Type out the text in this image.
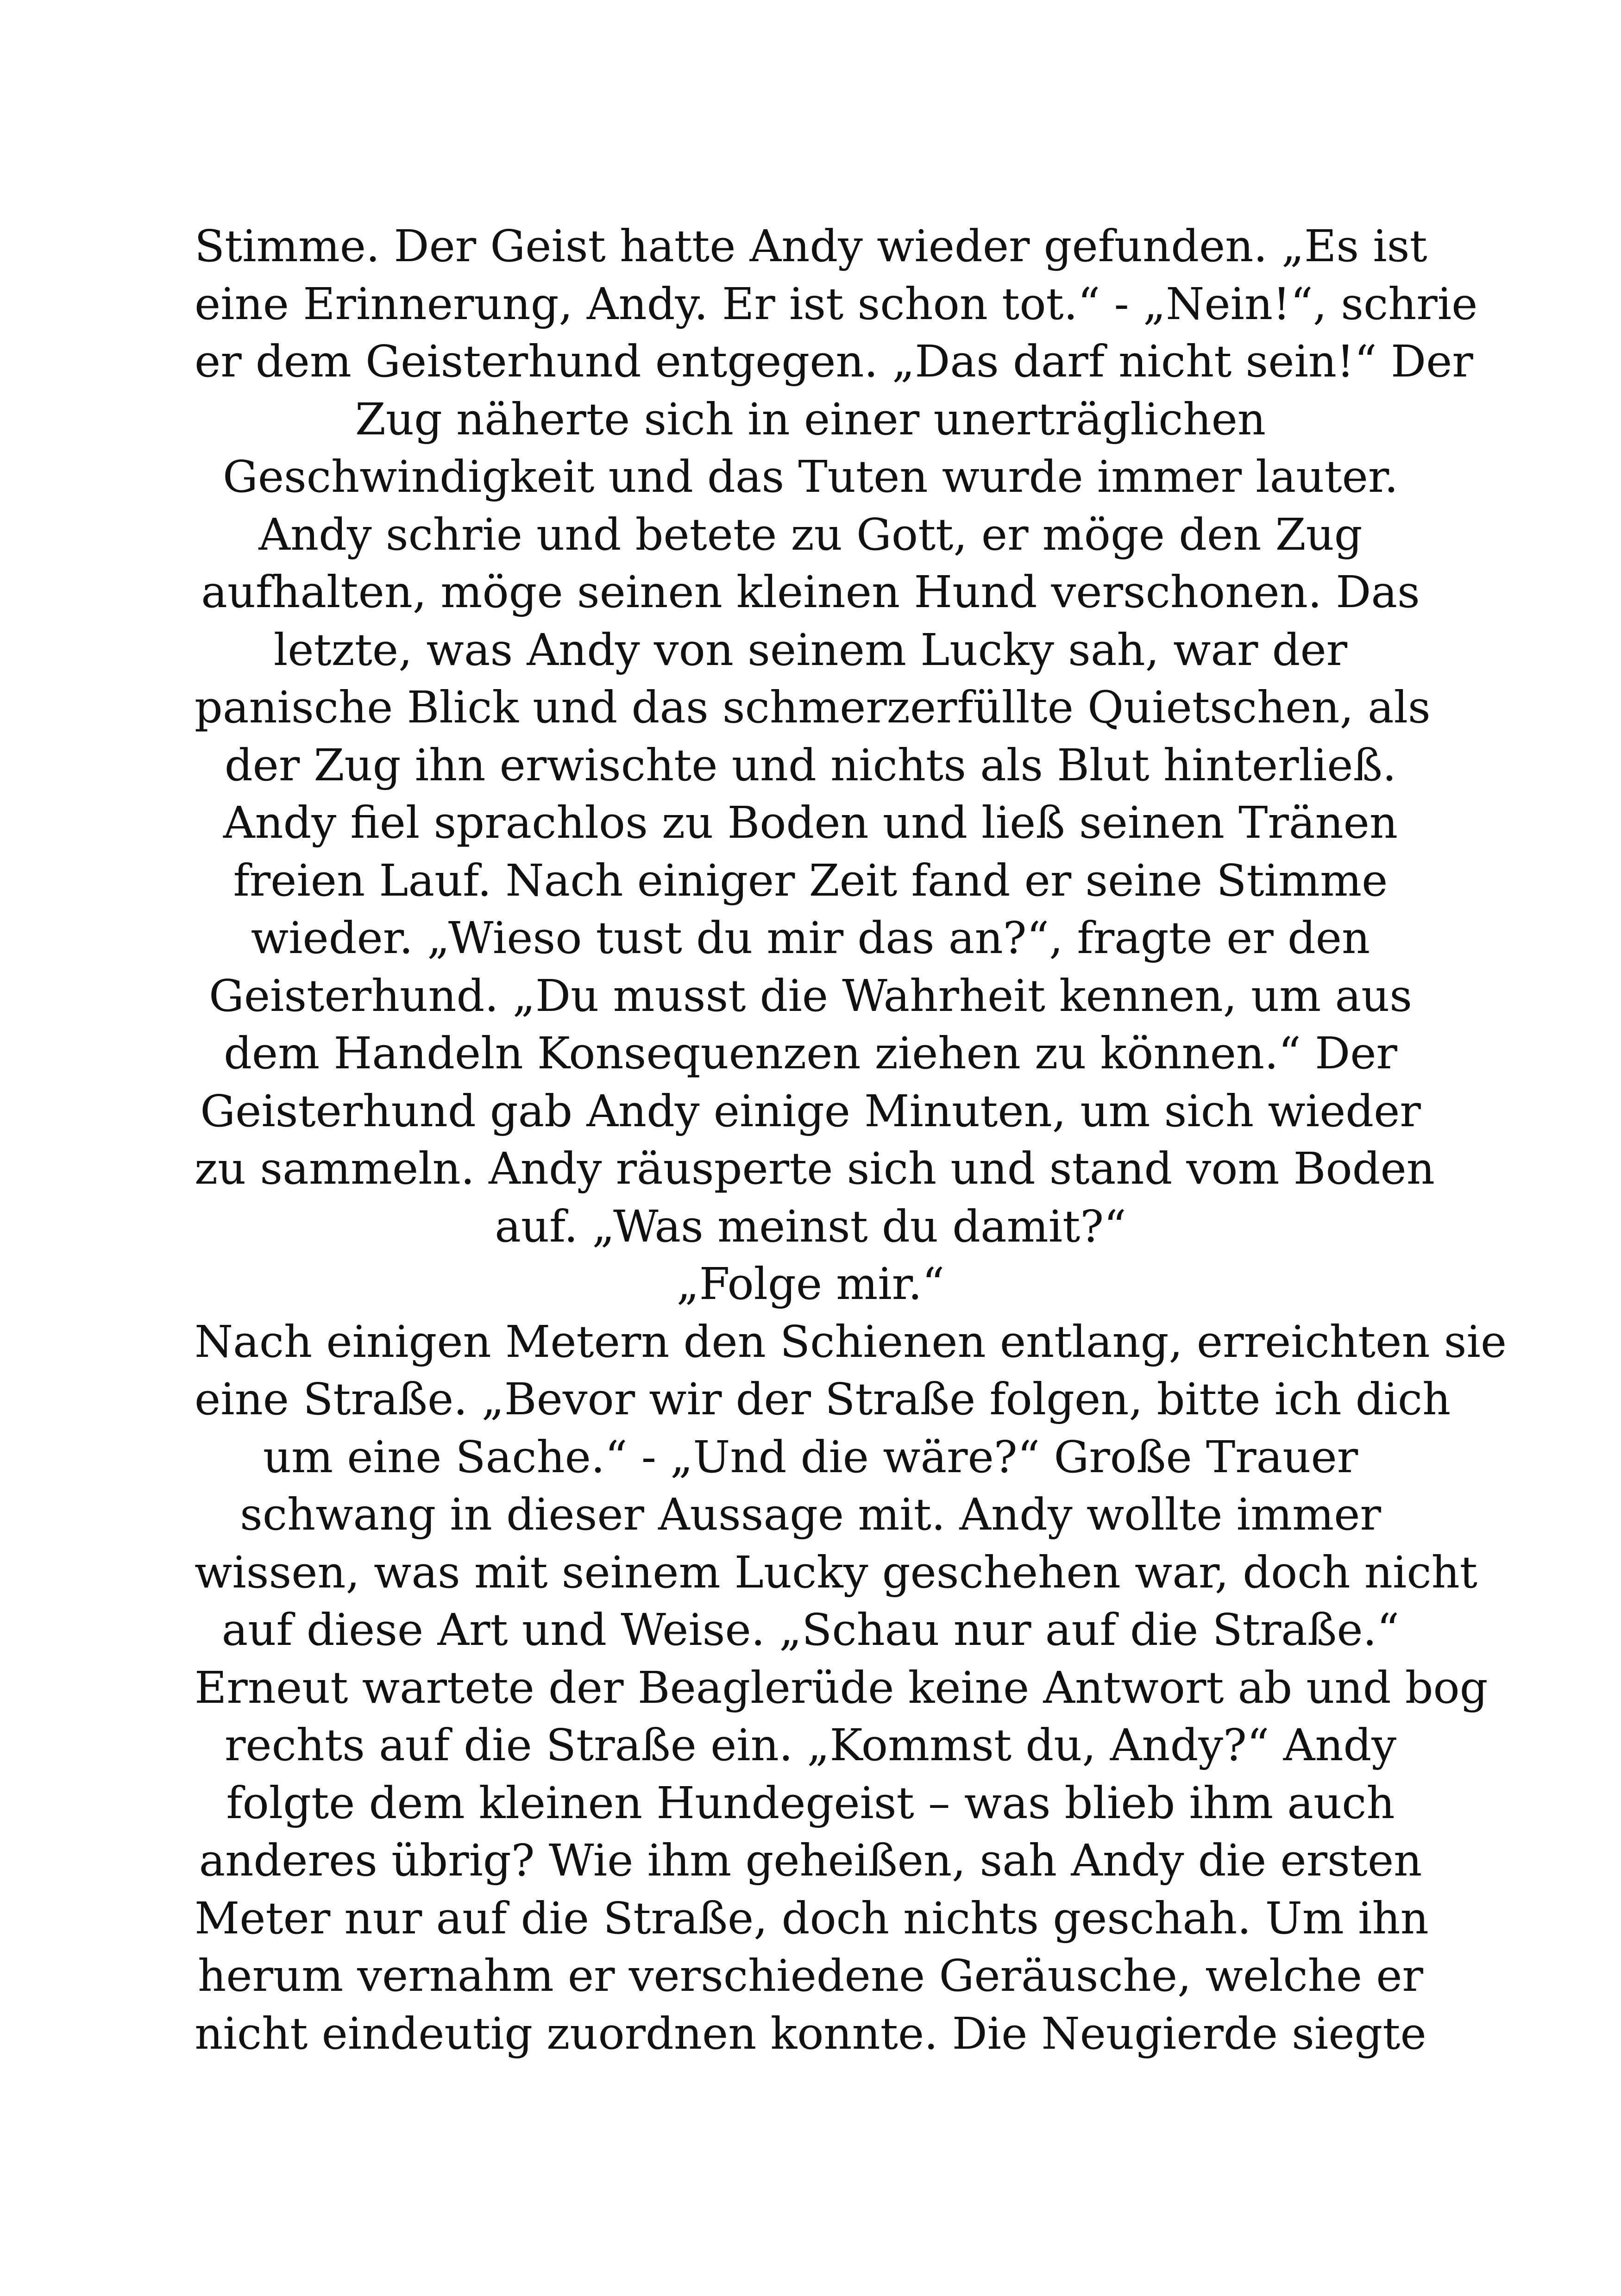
Stimme. Der Geist hatte Andy wieder gefunden. „Es ist
eine Erinnerung, Andy. Er ist schon tot.“ - „Nein!“, schrie
er dem Geisterhund entgegen. „Das darf nicht sein!“ Der
Zug näherte sich in einer unerträglichen
Geschwindigkeit und das Tuten wurde immer lauter.
Andy schrie und betete zu Gott, er möge den Zug
aufhalten, möge seinen kleinen Hund verschonen. Das
letzte, was Andy von seinem Lucky sah, war der
panische Blick und das schmerzerfüllte Quietschen, als
der Zug ihn erwischte und nichts als Blut hinterließ.
Andy fiel sprachlos zu Boden und ließ seinen Tränen
freien Lauf. Nach einiger Zeit fand er seine Stimme
wieder. „Wieso tust du mir das an?“, fragte er den
Geisterhund. „Du musst die Wahrheit kennen, um aus
dem Handeln Konsequenzen ziehen zu können.“ Der
Geisterhund gab Andy einige Minuten, um sich wieder
zu sammeln. Andy räusperte sich und stand vom Boden
auf. „Was meinst du damit?“
„Folge mir.“
Nach einigen Metern den Schienen entlang, erreichten sie
eine Straße. „Bevor wir der Straße folgen, bitte ich dich
um eine Sache.“ - „Und die wäre?“ Große Trauer
schwang in dieser Aussage mit. Andy wollte immer
wissen, was mit seinem Lucky geschehen war, doch nicht
auf diese Art und Weise. „Schau nur auf die Straße.“
Erneut wartete der Beaglerüde keine Antwort ab und bog
rechts auf die Straße ein. „Kommst du, Andy?“ Andy
folgte dem kleinen Hundegeist – was blieb ihm auch
anderes übrig? Wie ihm geheißen, sah Andy die ersten
Meter nur auf die Straße, doch nichts geschah. Um ihn
herum vernahm er verschiedene Geräusche, welche er
nicht eindeutig zuordnen konnte. Die Neugierde siegte
